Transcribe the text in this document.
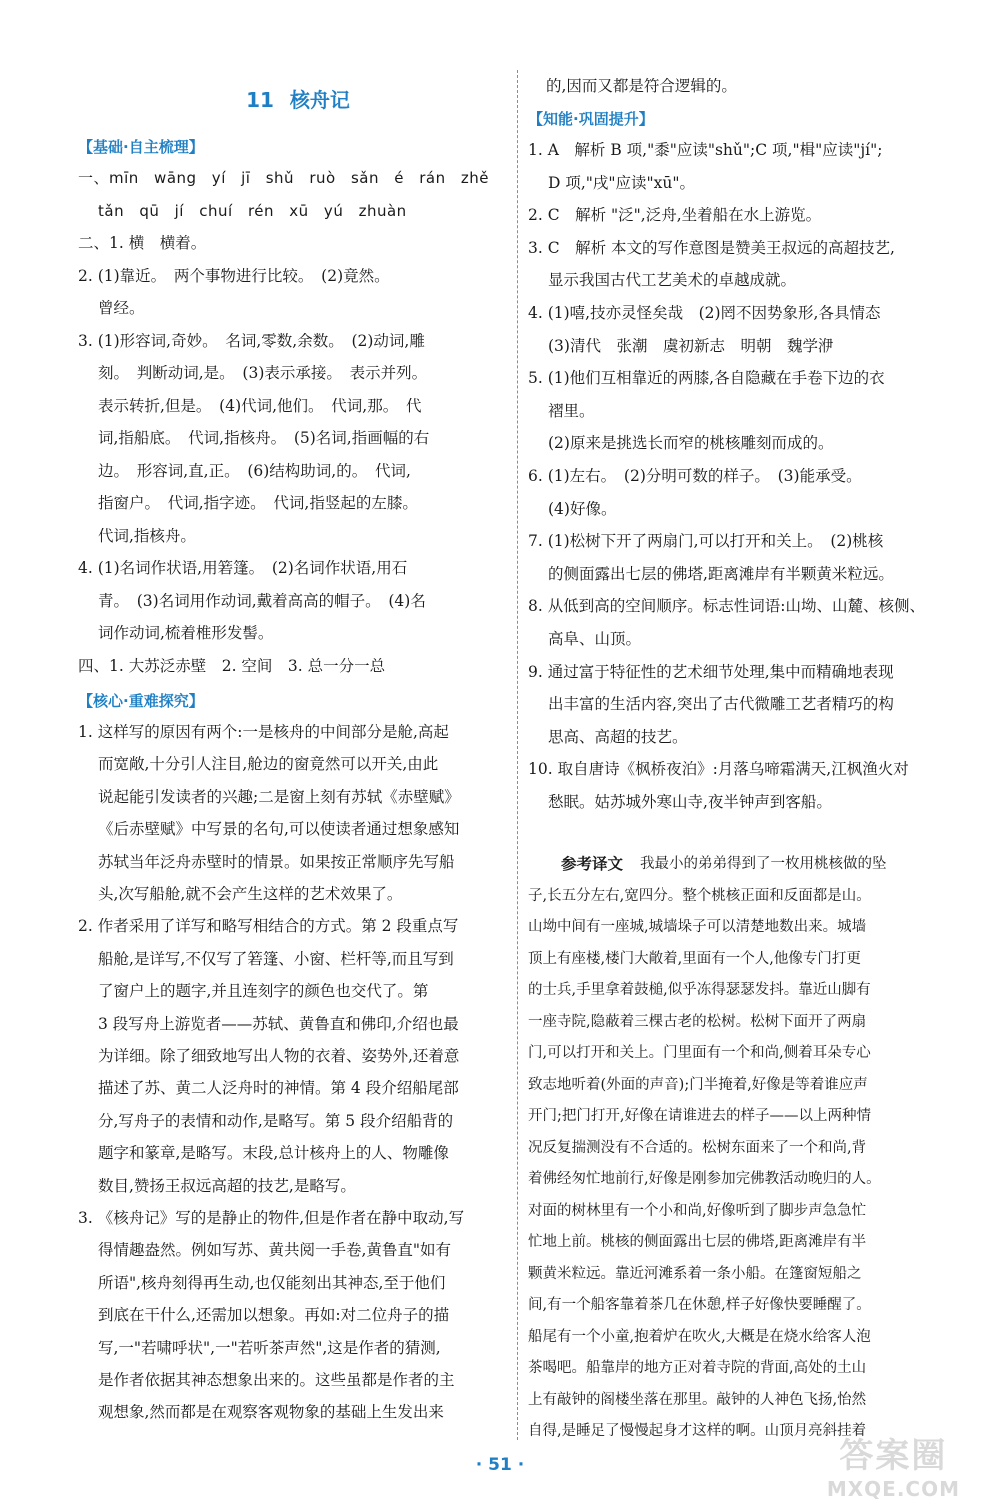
11 核舟记
【基础·自主梳理】
一、mīn wāng yí jī shǔ ruò sǎn é rán zhě
tǎn qū jí chuí rén xū yú zhuàn
二、1. 横　横着。
2. (1)靠近。　两个事物进行比较。　(2)竟然。
曾经。
3. (1)形容词,奇妙。　名词,零数,余数。　(2)动词,雕
刻。　判断动词,是。　(3)表示承接。　表示并列。
表示转折,但是。　(4)代词,他们。　代词,那。　代
词,指船底。　代词,指核舟。　(5)名词,指画幅的右
边。　形容词,直,正。　(6)结构助词,的。　代词,
指窗户。　代词,指字迹。　代词,指竖起的左膝。
代词,指核舟。
4. (1)名词作状语,用箬篷。　(2)名词作状语,用石
青。　(3)名词用作动词,戴着高高的帽子。　(4)名
词作动词,梳着椎形发髻。
四、1. 大苏泛赤壁　2. 空间　3. 总一分一总
【核心·重难探究】
1. 这样写的原因有两个:一是核舟的中间部分是舱,高起
而宽敞,十分引人注目,舱边的窗竟然可以开关,由此
说起能引发读者的兴趣;二是窗上刻有苏轼《赤壁赋》
《后赤壁赋》中写景的名句,可以使读者通过想象感知
苏轼当年泛舟赤壁时的情景。如果按正常顺序先写船
头,次写船舱,就不会产生这样的艺术效果了。
2. 作者采用了详写和略写相结合的方式。第 2 段重点写
船舱,是详写,不仅写了箬篷、小窗、栏杆等,而且写到
了窗户上的题字,并且连刻字的颜色也交代了。第
3 段写舟上游览者——苏轼、黄鲁直和佛印,介绍也最
为详细。除了细致地写出人物的衣着、姿势外,还着意
描述了苏、黄二人泛舟时的神情。第 4 段介绍船尾部
分,写舟子的表情和动作,是略写。第 5 段介绍船背的
题字和篆章,是略写。末段,总计核舟上的人、物雕像
数目,赞扬王叔远高超的技艺,是略写。
3. 《核舟记》写的是静止的物件,但是作者在静中取动,写
得情趣盎然。例如写苏、黄共阅一手卷,黄鲁直"如有
所语",核舟刻得再生动,也仅能刻出其神态,至于他们
到底在干什么,还需加以想象。再如:对二位舟子的描
写,一"若啸呼状",一"若听茶声然",这是作者的猜测,
是作者依据其神态想象出来的。这些虽都是作者的主
观想象,然而都是在观察客观物象的基础上生发出来
的,因而又都是符合逻辑的。
【知能·巩固提升】
1. A　解析 B 项,"黍"应读"shǔ";C 项,"楫"应读"jí";
D 项,"戌"应读"xū"。
2. C　解析 "泛",泛舟,坐着船在水上游览。
3. C　解析 本文的写作意图是赞美王叔远的高超技艺,
显示我国古代工艺美术的卓越成就。
4. (1)嘻,技亦灵怪矣哉　(2)罔不因势象形,各具情态
(3)清代　张潮　虞初新志　明朝　魏学洢
5. (1)他们互相靠近的两膝,各自隐藏在手卷下边的衣
褶里。
(2)原来是挑选长而窄的桃核雕刻而成的。
6. (1)左右。　(2)分明可数的样子。　(3)能承受。
(4)好像。
7. (1)松树下开了两扇门,可以打开和关上。　(2)桃核
的侧面露出七层的佛塔,距离滩岸有半颗黄米粒远。
8. 从低到高的空间顺序。标志性词语:山坳、山麓、核侧、
高阜、山顶。
9. 通过富于特征性的艺术细节处理,集中而精确地表现
出丰富的生活内容,突出了古代微雕工艺者精巧的构
思高、高超的技艺。
10. 取自唐诗《枫桥夜泊》:月落乌啼霜满天,江枫渔火对
愁眠。姑苏城外寒山寺,夜半钟声到客船。
参考译文 我最小的弟弟得到了一枚用桃核做的坠
子,长五分左右,宽四分。整个桃核正面和反面都是山。
山坳中间有一座城,城墙垛子可以清楚地数出来。城墙
顶上有座楼,楼门大敞着,里面有一个人,他像专门打更
的士兵,手里拿着鼓槌,似乎冻得瑟瑟发抖。靠近山脚有
一座寺院,隐蔽着三棵古老的松树。松树下面开了两扇
门,可以打开和关上。门里面有一个和尚,侧着耳朵专心
致志地听着(外面的声音);门半掩着,好像是等着谁应声
开门;把门打开,好像在请谁进去的样子——以上两种情
况反复揣测没有不合适的。松树东面来了一个和尚,背
着佛经匆忙地前行,好像是刚参加完佛教活动晚归的人。
对面的树林里有一个小和尚,好像听到了脚步声急急忙
忙地上前。桃核的侧面露出七层的佛塔,距离滩岸有半
颗黄米粒远。靠近河滩系着一条小船。在篷窗短船之
间,有一个船客靠着茶几在休憩,样子好像快要睡醒了。
船尾有一个小童,抱着炉在吹火,大概是在烧水给客人泡
茶喝吧。船靠岸的地方正对着寺院的背面,高处的土山
上有敲钟的阁楼坐落在那里。敲钟的人神色飞扬,怡然
自得,是睡足了慢慢起身才这样的啊。山顶月亮斜挂着
· 51 ·	答案圈
MXQE.COM
